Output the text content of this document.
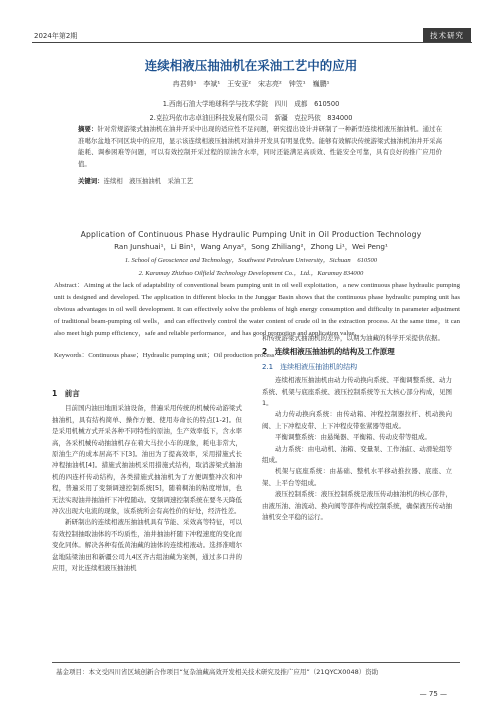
2024年第2期	技术研究
连续相液压抽油机在采油工艺中的应用
冉君帅¹　李斌¹　王安亚²　宋志亮²　钟笠¹　巍鹏¹
1.西南石油大学地球科学与技术学院　四川　成都　610500
2.克拉玛依市志卓油田科技发展有限公司　新疆　克拉玛依　834000
摘要：针对常规游梁式抽油机在油井开采中出现的适应性不足问题，研究提出设计并研制了一种新型连续相液压抽油机。通过在准噶尔盆地不同区块中的应用，显示该连续相液压抽油机对油井开发具有明显优势。能够有效解决传统游梁式抽油机油井开采高能耗、调参困难等问题，可以有效控制开采过程的原油含水率，同时还能满足高质效、性能安全可靠，具有良好的推广应用价值。
关键词：连续相　液压抽油机　采油工艺
Application of Continuous Phase Hydraulic Pumping Unit in Oil Production Technology
Ran Junshuai¹，Li Bin¹，Wang Anya²，Song Zhiliang²，Zhong Li¹，Wei Peng¹
1. School of Geoscience and Technology，Southwest Petroleum University，Sichuan　610500
2. Karamay Zhizhuo Oilfield Technology Development Co.，Ltd.，Karamay 834000
Abstract：Aiming at the lack of adaptability of conventional beam pumping unit in oil well exploitation，a new continuous phase hydraulic pumping unit is designed and developed. The application in different blocks in the Junggar Basin shows that the continuous phase hydraulic pumping unit has obvious advantages in oil well development. It can effectively solve the problems of high energy consumption and difficulty in parameter adjustment of traditional beam-pumping oil wells，and can effectively control the water content of crude oil in the extraction process. At the same time，it can also meet high pump efficiency，safe and reliable performance，and has good promotion and application value.
Keywords：Continuous phase；Hydraulic pumping unit；Oil production process
1　前言

目前国内油田地面采油设备，普遍采用传统的机械传动游梁式抽油机，具有结构简单、操作方便、使用寿命长的特点[1-2]。但是采用机械方式开采各种不同特性的原油，生产效率低下，含水率高，各采机械传动抽油机存在着大马拉小车的现象，耗电非常大，原油生产的成本居高不下[3]。油田为了提高效率，采用措施式长冲程抽油机[4]。措施式抽油机采用措施式结构，取消游梁式抽油机的四连杆传动结构，各类措施式抽油机为了方便调整冲次和冲程，普遍采用了变频调速控制系统[5]，随着稠油的粘度增加，也无法实现油井抽油杆下冲程随动。变频调速控制系统在要冬天降低冲次出现大电流的现象，该系统所会有高性价的好处，经济性差。

新研制出的连续相液压抽油机具有节能、采效高等特征，可以有效控制抽取油体的不均质性，油井抽油杆随下冲程速度的变化而变化同体。解决各种有低黄油藏的油体的连续相液动。选择准噶尔盆地陆梁油田和新疆公司九4区齐古组油藏为案例，通过多口井的应用，对比连续相液压抽油机

和传统游梁式抽油机的差异，以期为油藏的科学开采提供依据。

2　连续相液压抽油机的结构及工作原理
2.1　连续相液压抽油机的结构

连续相液压抽油机由动力传动换向系统、平衡调整系统、动力系统、机架与底座系统、液压控制系统等五大核心部分构成，见图1。

动力传动换向系统：由传动箱、冲程控制器拉杆、机动换向阀、上下冲程皮带、上下冲程皮带张紧器等组成。

平衡调整系统：由悬绳器、平衡箱、传动皮带等组成。

动力系统：由电动机、油箱、变量泵、工作油缸、动滑轮组等组成。

机架与底座系统：由基础、整机水平移动推拉器、底座、立架、上平台等组成。

液压控制系统：液压控制系统是液压传动抽油机的核心部件，由液压油、油流动、换向阀等部件构成控制系统，确保液压传动抽油机安全平稳的运行。

基金项目：本文受四川省区域创新合作项目“复杂油藏高效开发相关技术研究及推广应用”（21QYCX0048）资助
— 75 —
